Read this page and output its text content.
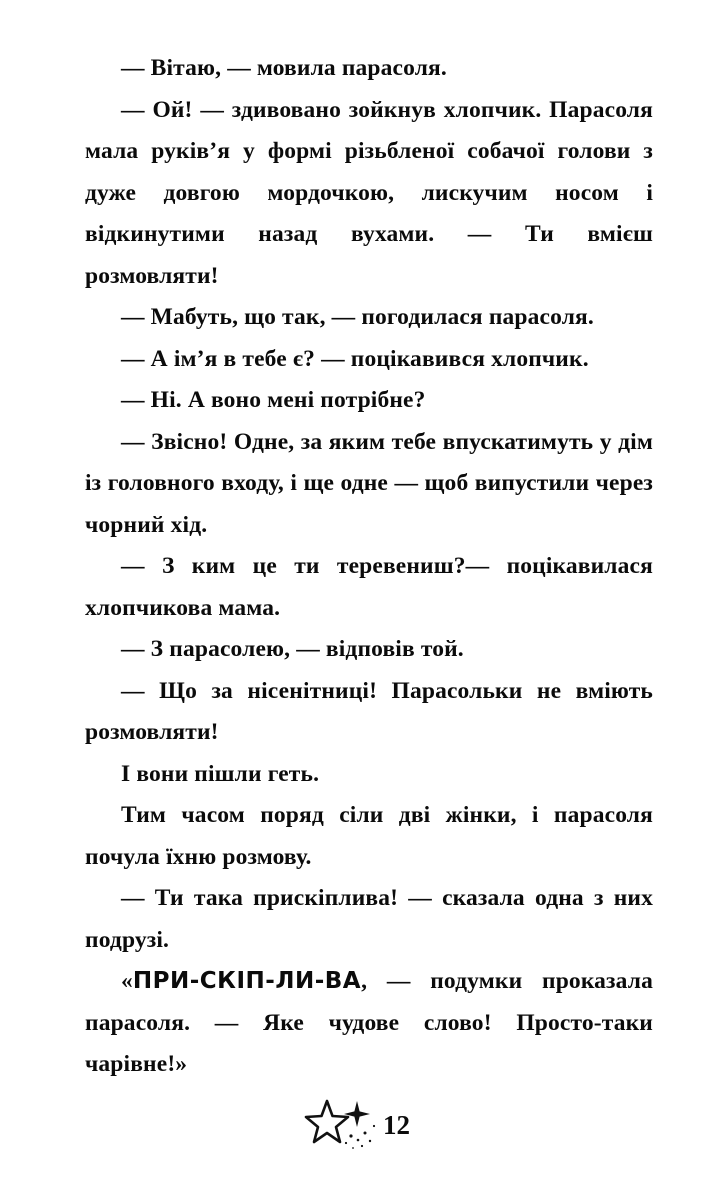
— Вітаю, — мовила парасоля.

— Ой! — здивовано зойкнув хлопчик. Парасоля мала руків’я у формі різьбленої собачої голови з дуже довгою мордочкою, лискучим носом і відкинутими назад вухами. — Ти вмієш розмовляти!

— Мабуть, що так, — погодилася парасоля.

— А ім’я в тебе є? — поцікавився хлопчик.

— Ні. А воно мені потрібне?

— Звісно! Одне, за яким тебе впускатимуть у дім із головного входу, і ще одне — щоб випустили через чорний хід.

— З ким це ти теревениш?— поцікавилася хлопчикова мама.

— З парасолею, — відповів той.

— Що за нісенітниці! Парасольки не вміють розмовляти!

І вони пішли геть.

Тим часом поряд сіли дві жінки, і парасоля почула їхню розмову.

— Ти така прискіплива! — сказала одна з них подрузі.

«ПРИ-СКІП-ЛИ-ВА, — подумки проказала парасоля. — Яке чудове слово! Просто-таки чарівне!»

12
